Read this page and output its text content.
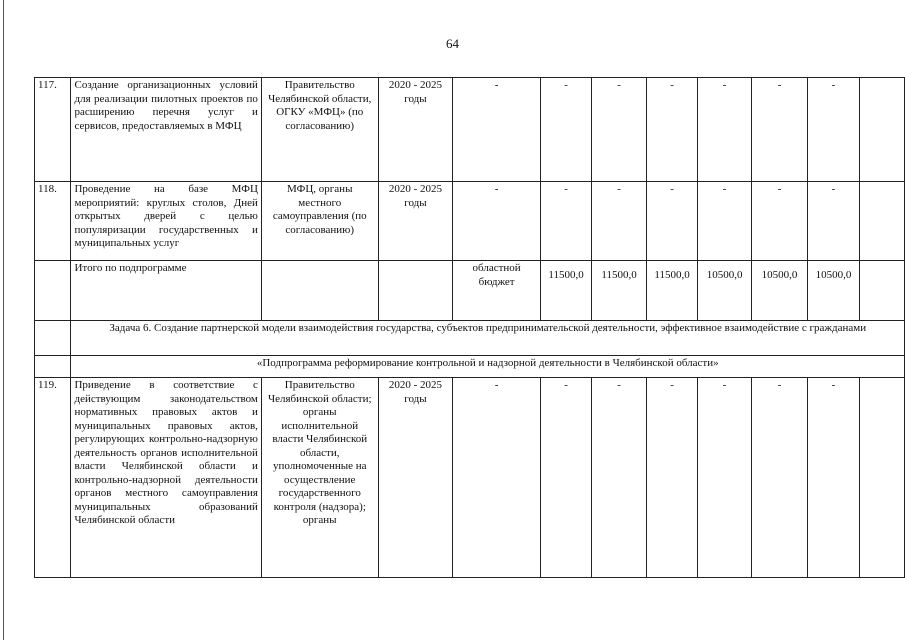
64
117.	Создание организационных условий для реализации пилотных проектов по расширению перечня услуг и сервисов, предоставляемых в МФЦ	Правительство Челябинской области, ОГКУ «МФЦ» (по согласованию)	2020 - 2025 годы	-	-	-	-	-	-	-	
118.	Проведение на базе МФЦ мероприятий: круглых столов, Дней открытых дверей с целью популяризации государственных и муниципальных услуг	МФЦ, органы местного самоуправления (по согласованию)	2020 - 2025 годы	-	-	-	-	-	-	-	
	Итого по подпрограмме			областной бюджет	11500,0	11500,0	11500,0	10500,0	10500,0	10500,0	
	Задача 6. Создание партнерской модели взаимодействия государства, субъектов предпринимательской деятельности, эффективное взаимодействие с гражданами										
	«Подпрограмма реформирование контрольной и надзорной деятельности в Челябинской области»										
119.	Приведение в соответствие с действующим законодательством нормативных правовых актов и муниципальных правовых актов, регулирующих контрольно-надзорную деятельность органов исполнительной власти Челябинской области и контрольно-надзорной деятельности органов местного самоуправления муниципальных образований Челябинской области	Правительство Челябинской области; органы исполнительной власти Челябинской области, уполномоченные на осуществление государственного контроля (надзора); органы	2020 - 2025 годы	-	-	-	-	-	-	-	
